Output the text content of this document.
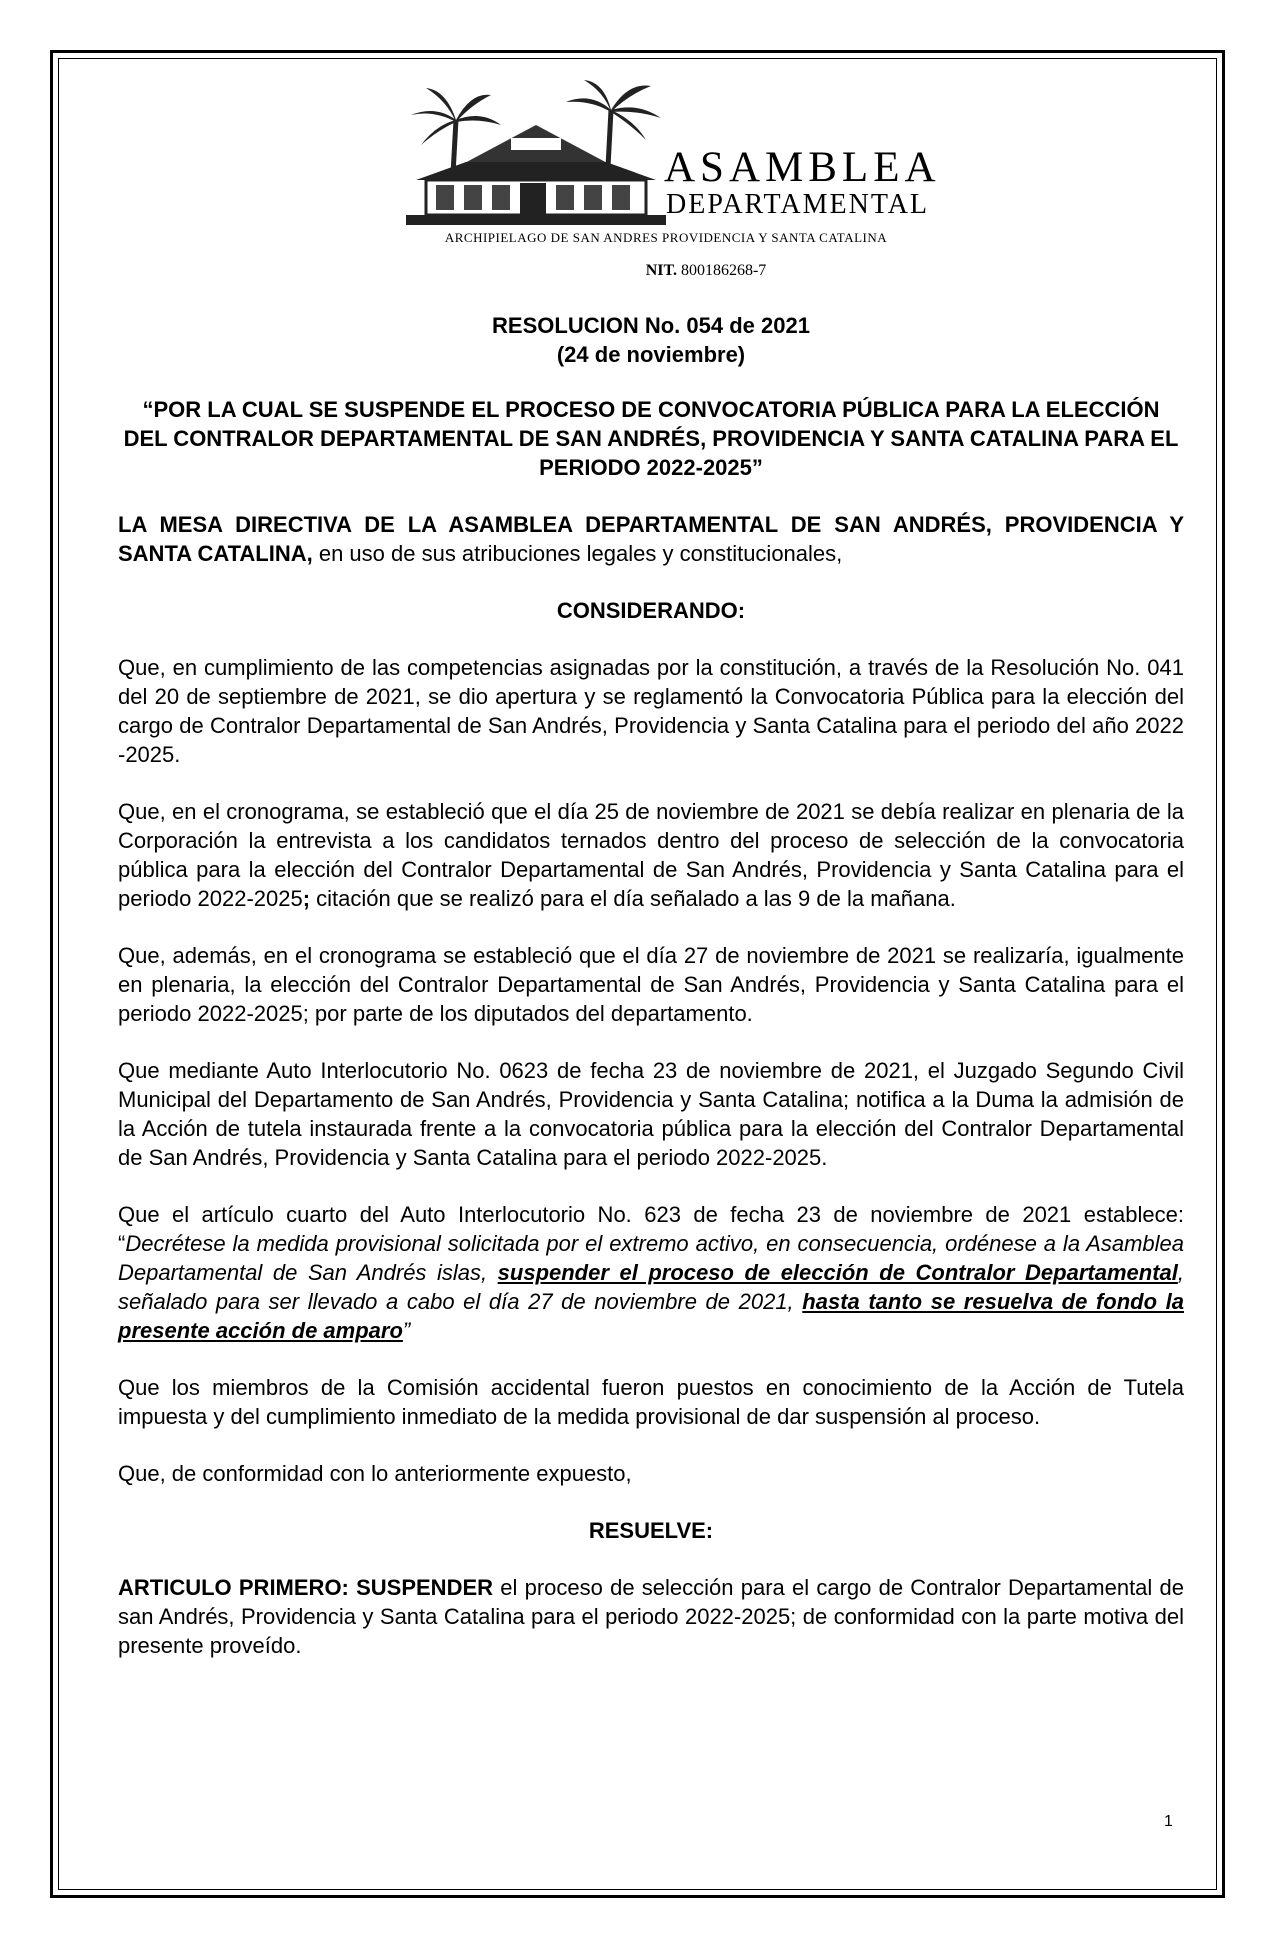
ASAMBLEA
DEPARTAMENTAL
ARCHIPIELAGO DE SAN ANDRES PROVIDENCIA Y SANTA CATALINA
NIT. 800186268-7
RESOLUCION No. 054 de 2021
(24 de noviembre)
“POR LA CUAL SE SUSPENDE EL PROCESO DE CONVOCATORIA PÚBLICA PARA LA ELECCIÓN DEL CONTRALOR DEPARTAMENTAL DE SAN ANDRÉS, PROVIDENCIA Y SANTA CATALINA PARA EL PERIODO 2022-2025”

LA MESA DIRECTIVA DE LA ASAMBLEA DEPARTAMENTAL DE SAN ANDRÉS, PROVIDENCIA Y SANTA CATALINA, en uso de sus atribuciones legales y constitucionales,

CONSIDERANDO:

Que, en cumplimiento de las competencias asignadas por la constitución, a través de la Resolución No. 041 del 20 de septiembre de 2021, se dio apertura y se reglamentó la Convocatoria Pública para la elección del cargo de Contralor Departamental de San Andrés, Providencia y Santa Catalina para el periodo del año 2022 -2025.

Que, en el cronograma, se estableció que el día 25 de noviembre de 2021 se debía realizar en plenaria de la Corporación la entrevista a los candidatos ternados dentro del proceso de selección de la convocatoria pública para la elección del Contralor Departamental de San Andrés, Providencia y Santa Catalina para el periodo 2022-2025; citación que se realizó para el día señalado a las 9 de la mañana.

Que, además, en el cronograma se estableció que el día 27 de noviembre de 2021 se realizaría, igualmente en plenaria, la elección del Contralor Departamental de San Andrés, Providencia y Santa Catalina para el periodo 2022-2025; por parte de los diputados del departamento.

Que mediante Auto Interlocutorio No. 0623 de fecha 23 de noviembre de 2021, el Juzgado Segundo Civil Municipal del Departamento de San Andrés, Providencia y Santa Catalina; notifica a la Duma la admisión de la Acción de tutela instaurada frente a la convocatoria pública para la elección del Contralor Departamental de San Andrés, Providencia y Santa Catalina para el periodo 2022-2025.

Que el artículo cuarto del Auto Interlocutorio No. 623 de fecha 23 de noviembre de 2021 establece: “Decrétese la medida provisional solicitada por el extremo activo, en consecuencia, ordénese a la Asamblea Departamental de San Andrés islas, suspender el proceso de elección de Contralor Departamental, señalado para ser llevado a cabo el día 27 de noviembre de 2021, hasta tanto se resuelva de fondo la presente acción de amparo”

Que los miembros de la Comisión accidental fueron puestos en conocimiento de la Acción de Tutela impuesta y del cumplimiento inmediato de la medida provisional de dar suspensión al proceso.

Que, de conformidad con lo anteriormente expuesto,

RESUELVE:

ARTICULO PRIMERO: SUSPENDER el proceso de selección para el cargo de Contralor Departamental de san Andrés, Providencia y Santa Catalina para el periodo 2022-2025; de conformidad con la parte motiva del presente proveído.

1
